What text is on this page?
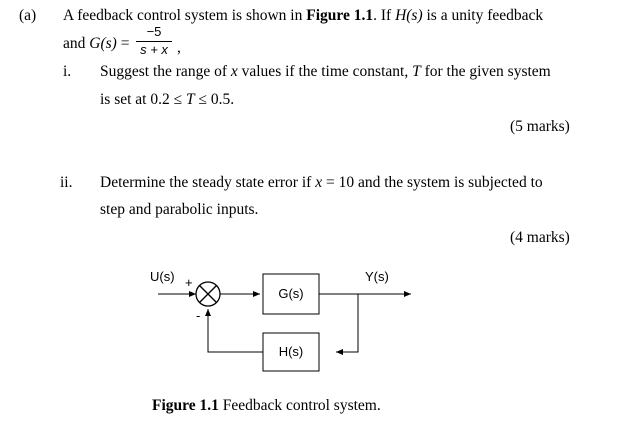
(a) A feedback control system is shown in Figure 1.1. If H(s) is a unity feedback
and G(s) =
−5
s + x ,
i. Suggest the range of x values if the time constant, T for the given system
is set at 0.2 ≤ T ≤ 0.5.
(5 marks)
ii. Determine the steady state error if x = 10 and the system is subjected to
step and parabolic inputs.
(4 marks)
U(s) +
-
Y(s)
G(s)
H(s)
Figure 1.1 Feedback control system.
